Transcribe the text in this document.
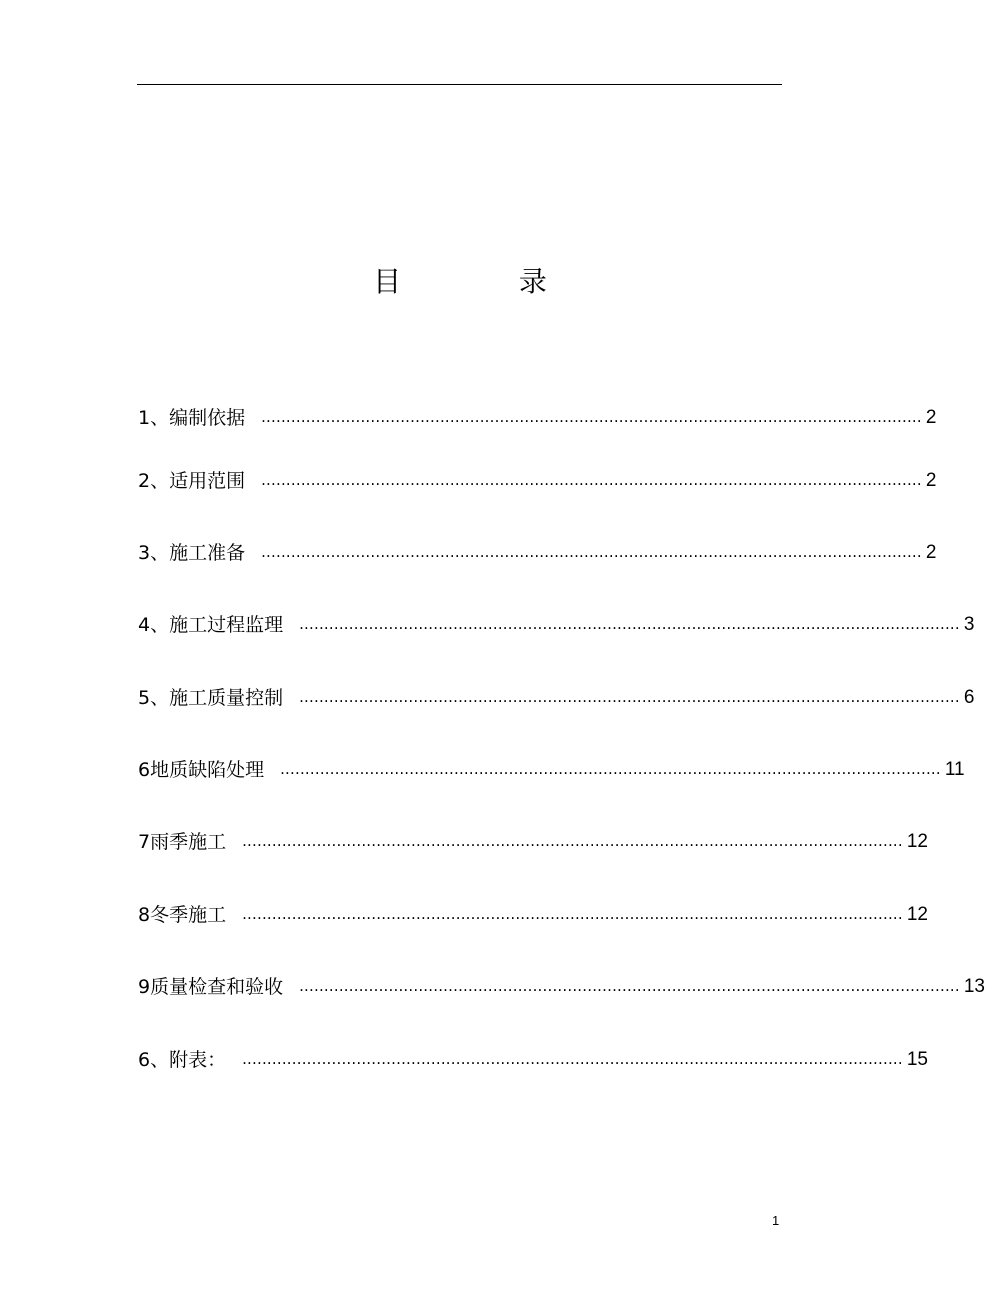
目	录
1、编制依据 ..................................................................................................................................... 2
2、适用范围 ..................................................................................................................................... 2
3、施工准备 ..................................................................................................................................... 2
4、施工过程监理 ..................................................................................................................................... 3
5、施工质量控制 ..................................................................................................................................... 6
6地质缺陷处理 ..................................................................................................................................... 11
7雨季施工 ..................................................................................................................................... 12
8冬季施工 ..................................................................................................................................... 12
9质量检查和验收 ..................................................................................................................................... 13
6、附表： ..................................................................................................................................... 15
1
